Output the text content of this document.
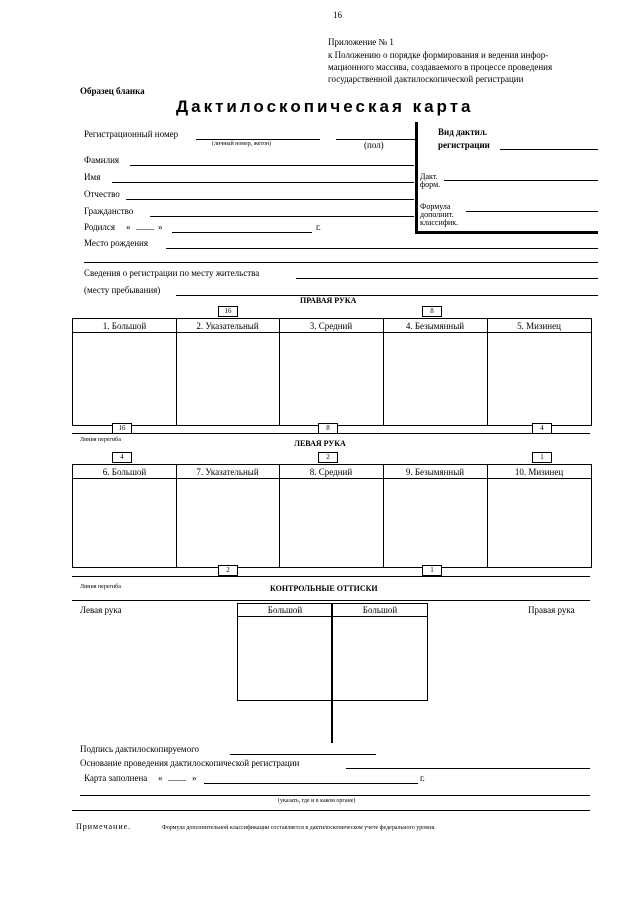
16
Приложение № 1
к Положению о порядке формирования и ведения инфор-
мационного массива, создаваемого в процессе проведения
государственной дактилоскопической регистрации
Образец бланка
Дактилоскопическая карта
Регистрационный номер
(личный номер, жетон)	(пол)
Фамилия
Имя
Отчество
Гражданство
Родился « ____ »	г.
Место рождения
Сведения о регистрации по месту жительства
(месту пребывания)
Вид дактил.
регистрации
Дакт.
форм.
Формула
дополнит.
классифик.
ПРАВАЯ РУКА
16	8
1. Большой	2. Указательный	3. Средний	4. Безымянный	5. Мизинец
16	8	4
Линия перегиба	ЛЕВАЯ РУКА
4	2	1
6. Большой	7. Указательный	8. Средний	9. Безымянный	10. Мизинец
2	1
Линия перегиба	КОНТРОЛЬНЫЕ ОТТИСКИ
Левая рука	Правая рука
Большой	Большой
Подпись дактилоскопируемого
Основание проведения дактилоскопической регистрации
Карта заполнена « ____ »	г.
(указать, где и в каком органе)
Примечание.	Формула дополнительной классификации составляется в дактилоскопическом учете федерального уровня.
